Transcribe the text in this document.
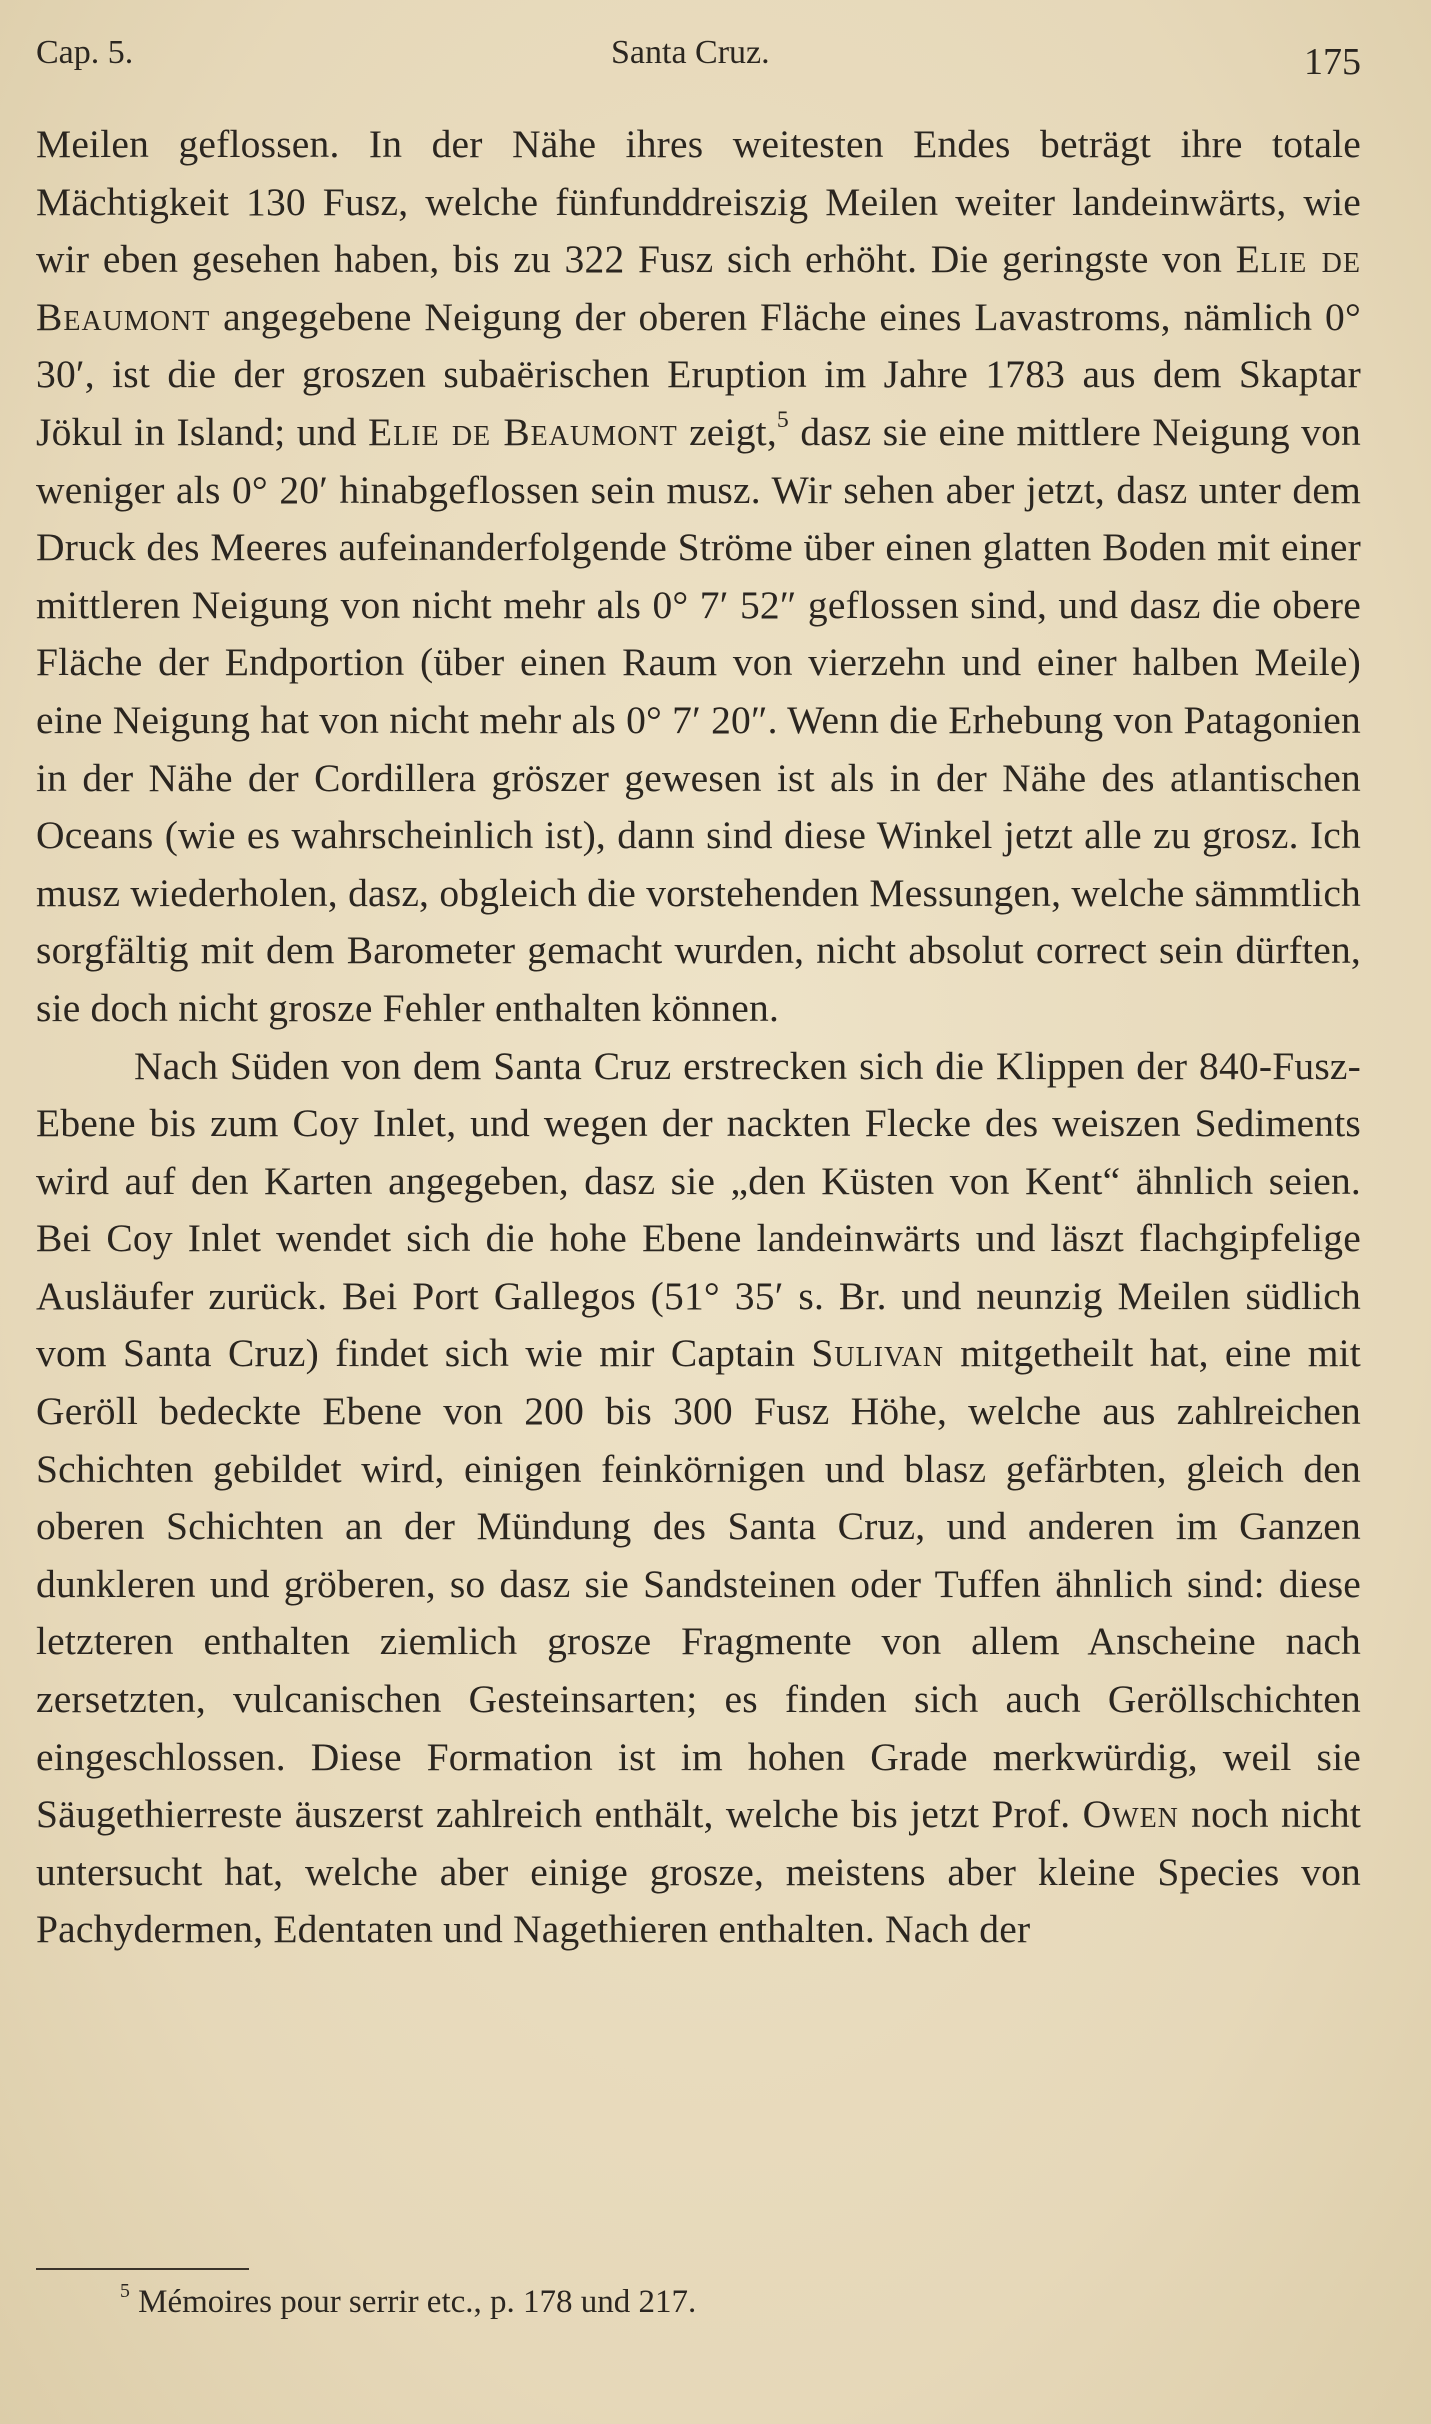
Cap. 5.	Santa Cruz.	175

Meilen geflossen. In der Nähe ihres weitesten Endes beträgt ihre totale Mächtigkeit 130 Fusz, welche fünfunddreiszig Meilen weiter landeinwärts, wie wir eben gesehen haben, bis zu 322 Fusz sich erhöht. Die geringste von Elie de Beaumont angegebene Neigung der oberen Fläche eines Lavastroms, nämlich 0° 30′, ist die der groszen subaërischen Eruption im Jahre 1783 aus dem Skaptar Jökul in Island; und Elie de Beaumont zeigt,$^5$ dasz sie eine mittlere Neigung von weniger als 0° 20′ hinabgeflossen sein musz. Wir sehen aber jetzt, dasz unter dem Druck des Meeres aufeinanderfolgende Ströme über einen glatten Boden mit einer mittleren Neigung von nicht mehr als 0° 7′ 52″ geflossen sind, und dasz die obere Fläche der Endportion (über einen Raum von vierzehn und einer halben Meile) eine Neigung hat von nicht mehr als 0° 7′ 20″. Wenn die Erhebung von Patagonien in der Nähe der Cordillera gröszer gewesen ist als in der Nähe des atlantischen Oceans (wie es wahrscheinlich ist), dann sind diese Winkel jetzt alle zu grosz. Ich musz wiederholen, dasz, obgleich die vorstehenden Messungen, welche sämmtlich sorgfältig mit dem Barometer gemacht wurden, nicht absolut correct sein dürften, sie doch nicht grosze Fehler enthalten können.

Nach Süden von dem Santa Cruz erstrecken sich die Klippen der 840-Fusz-Ebene bis zum Coy Inlet, und wegen der nackten Flecke des weiszen Sediments wird auf den Karten angegeben, dasz sie „den Küsten von Kent“ ähnlich seien. Bei Coy Inlet wendet sich die hohe Ebene landeinwärts und läszt flachgipfelige Ausläufer zurück. Bei Port Gallegos (51° 35′ s. Br. und neunzig Meilen südlich vom Santa Cruz) findet sich wie mir Captain Sulivan mitgetheilt hat, eine mit Geröll bedeckte Ebene von 200 bis 300 Fusz Höhe, welche aus zahlreichen Schichten gebildet wird, einigen feinkörnigen und blasz gefärbten, gleich den oberen Schichten an der Mündung des Santa Cruz, und anderen im Ganzen dunkleren und gröberen, so dasz sie Sandsteinen oder Tuffen ähnlich sind: diese letzteren enthalten ziemlich grosze Fragmente von allem Anscheine nach zersetzten, vulcanischen Gesteinsarten; es finden sich auch Geröllschichten eingeschlossen. Diese Formation ist im hohen Grade merkwürdig, weil sie Säugethierreste äuszerst zahlreich enthält, welche bis jetzt Prof. Owen noch nicht untersucht hat, welche aber einige grosze, meistens aber kleine Species von Pachydermen, Edentaten und Nagethieren enthalten. Nach der

$^5$ Mémoires pour serrir etc., p. 178 und 217.
